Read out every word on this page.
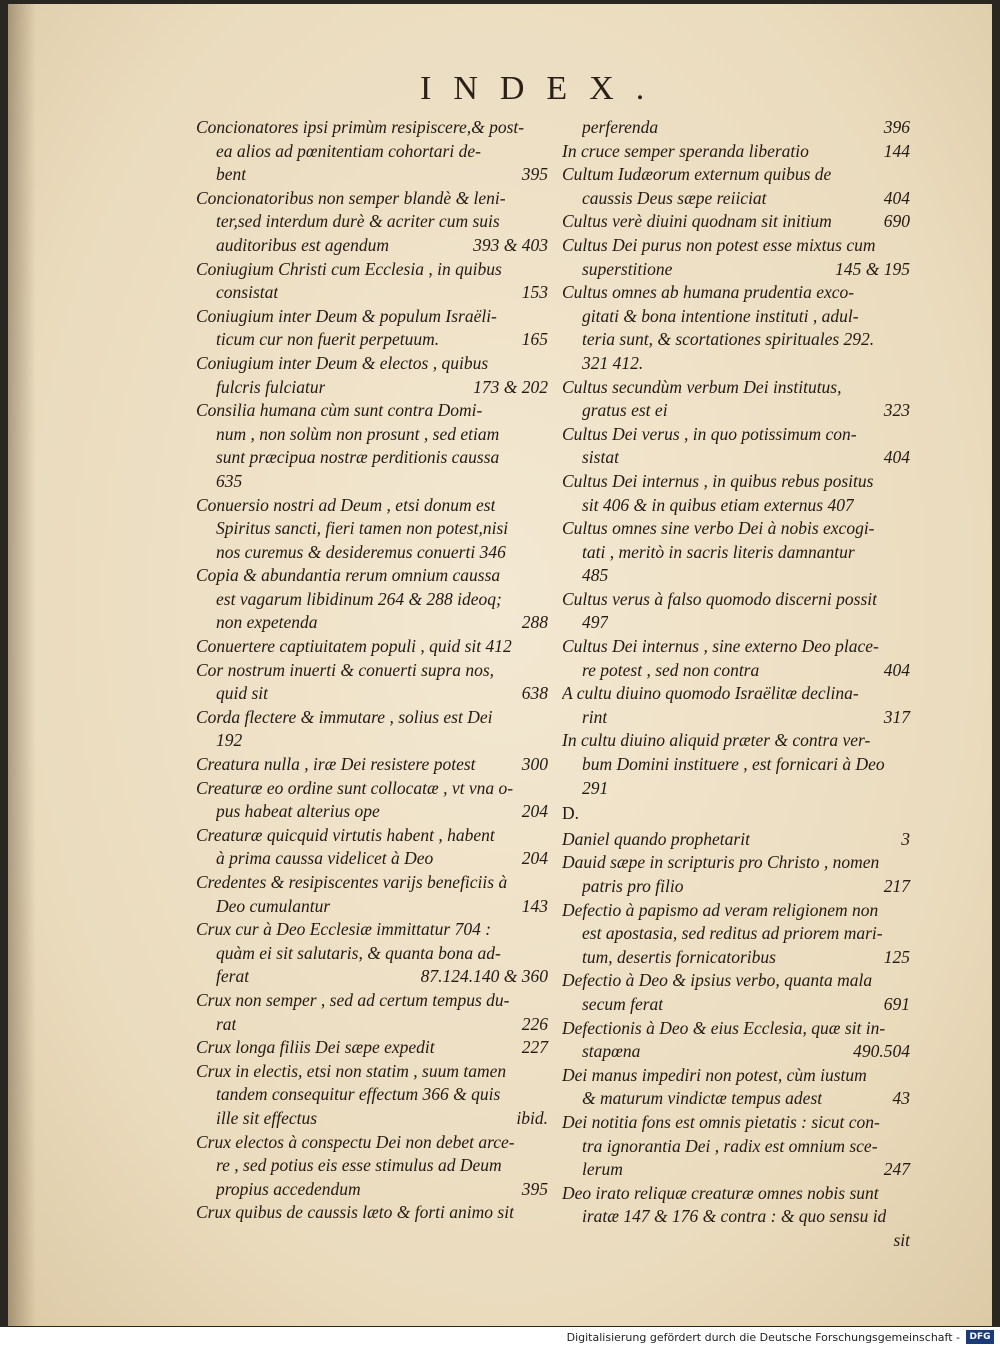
INDEX.
Concionatores ipsi primùm resipiscere,& post-
ea alios ad pœnitentiam cohortari de-
bent	395
Concionatoribus non semper blandè & leni-
ter,sed interdum durè & acriter cum suis
auditoribus est agendum	393 & 403
Coniugium Christi cum Ecclesia , in quibus
consistat	153
Coniugium inter Deum & populum Israëli-
ticum cur non fuerit perpetuum.	165
Coniugium inter Deum & electos , quibus
fulcris fulciatur	173 & 202
Consilia humana cùm sunt contra Domi-
num , non solùm non prosunt , sed etiam
sunt præcipua nostræ perditionis caussa
635
Conuersio nostri ad Deum , etsi donum est
Spiritus sancti, fieri tamen non potest,nisi
nos curemus & desideremus conuerti 346
Copia & abundantia rerum omnium caussa
est vagarum libidinum 264 & 288 ideoq;
non expetenda	288
Conuertere captiuitatem populi , quid sit 412
Cor nostrum inuerti & conuerti supra nos,
quid sit	638
Corda flectere & immutare , solius est Dei
192
Creatura nulla , iræ Dei resistere potest	300
Creaturæ eo ordine sunt collocatæ , vt vna o-
pus habeat alterius ope	204
Creaturæ quicquid virtutis habent , habent
à prima caussa videlicet à Deo	204
Credentes & resipiscentes varijs beneficiis à
Deo cumulantur	143
Crux cur à Deo Ecclesiæ immittatur 704 :
quàm ei sit salutaris, & quanta bona ad-
ferat	87.124.140 & 360
Crux non semper , sed ad certum tempus du-
rat	226
Crux longa filiis Dei sæpe expedit	227
Crux in electis, etsi non statim , suum tamen
tandem consequitur effectum 366 & quis
ille sit effectus	ibid.
Crux electos à conspectu Dei non debet arce-
re , sed potius eis esse stimulus ad Deum
propius accedendum	395
Crux quibus de caussis læto & forti animo sit
perferenda	396
In cruce semper speranda liberatio	144
Cultum Iudæorum externum quibus de
caussis Deus sæpe reiiciat	404
Cultus verè diuini quodnam sit initium	690
Cultus Dei purus non potest esse mixtus cum
superstitione	145 & 195
Cultus omnes ab humana prudentia exco-
gitati & bona intentione instituti , adul-
teria sunt, & scortationes spirituales 292.
321 412.
Cultus secundùm verbum Dei institutus,
gratus est ei	323
Cultus Dei verus , in quo potissimum con-
sistat	404
Cultus Dei internus , in quibus rebus positus
sit 406 & in quibus etiam externus 407
Cultus omnes sine verbo Dei à nobis excogi-
tati , meritò in sacris literis damnantur
485
Cultus verus à falso quomodo discerni possit
497
Cultus Dei internus , sine externo Deo place-
re potest , sed non contra	404
A cultu diuino quomodo Israëlitæ declina-
rint	317
In cultu diuino aliquid præter & contra ver-
bum Domini instituere , est fornicari à Deo
291
D.
Daniel quando prophetarit	3
Dauid sæpe in scripturis pro Christo , nomen
patris pro filio	217
Defectio à papismo ad veram religionem non
est apostasia, sed reditus ad priorem mari-
tum, desertis fornicatoribus	125
Defectio à Deo & ipsius verbo, quanta mala
secum ferat	691
Defectionis à Deo & eius Ecclesia, quæ sit in-
stapœna	490.504
Dei manus impediri non potest, cùm iustum
& maturum vindictæ tempus adest	43
Dei notitia fons est omnis pietatis : sicut con-
tra ignorantia Dei , radix est omnium sce-
lerum	247
Deo irato reliquæ creaturæ omnes nobis sunt
iratæ 147 & 176 & contra : & quo sensu id
sit
Digitalisierung gefördert durch die Deutsche Forschungsgemeinschaft -	DFG
